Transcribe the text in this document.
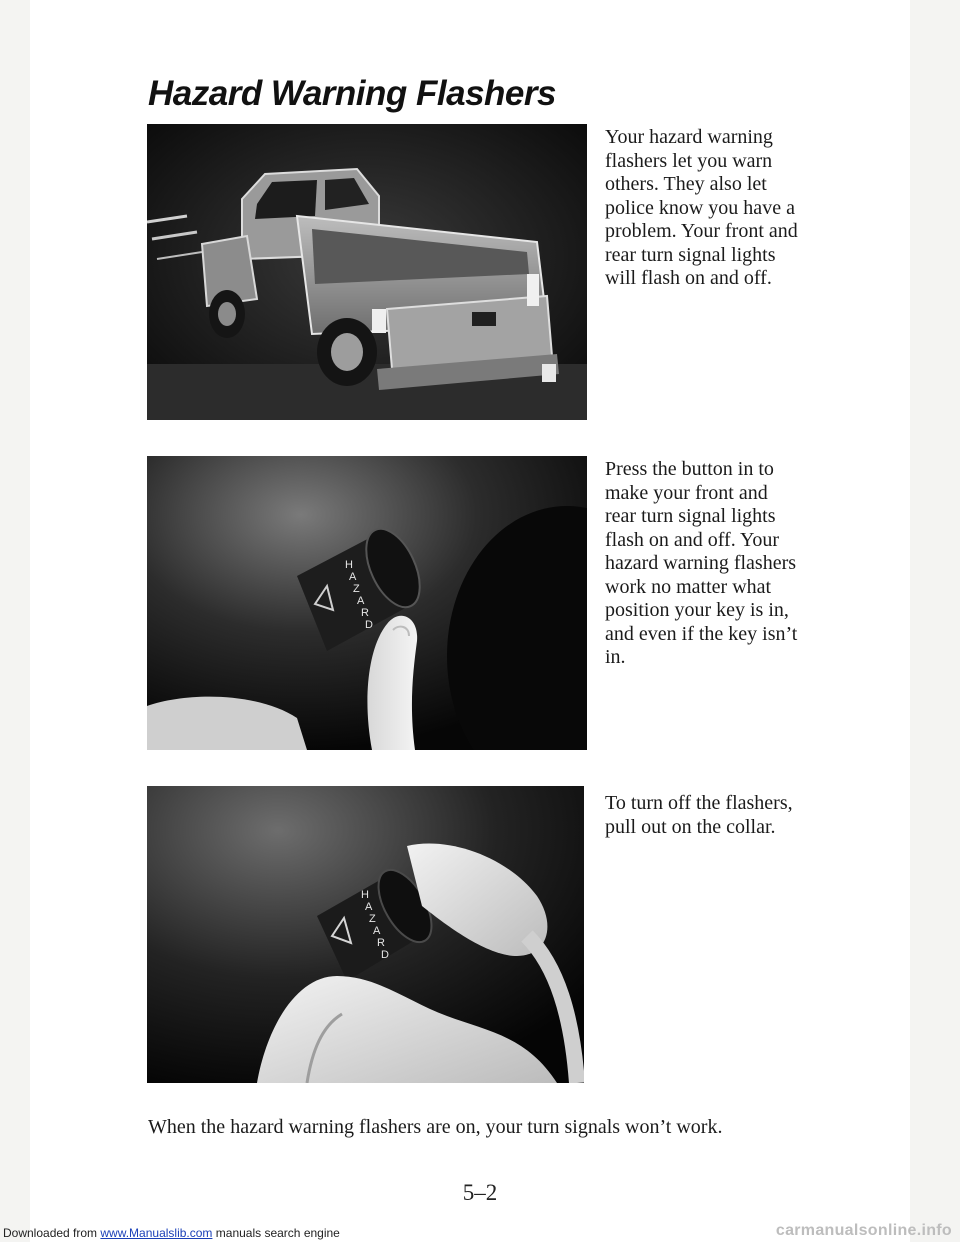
Hazard Warning Flashers

Your hazard warning flashers let you warn others. They also let police know you have a problem. Your front and rear turn signal lights will flash on and off.

H
A
Z
A
R
D

Press the button in to make your front and rear turn signal lights flash on and off. Your hazard warning flashers work no matter what position your key is in, and even if the key isn’t in.

H
A
Z
A
R
D

To turn off the flashers, pull out on the collar.

When the hazard warning flashers are on, your turn signals won’t work.

5–2

Downloaded from www.Manualslib.com manuals search engine	carmanualsonline.info
